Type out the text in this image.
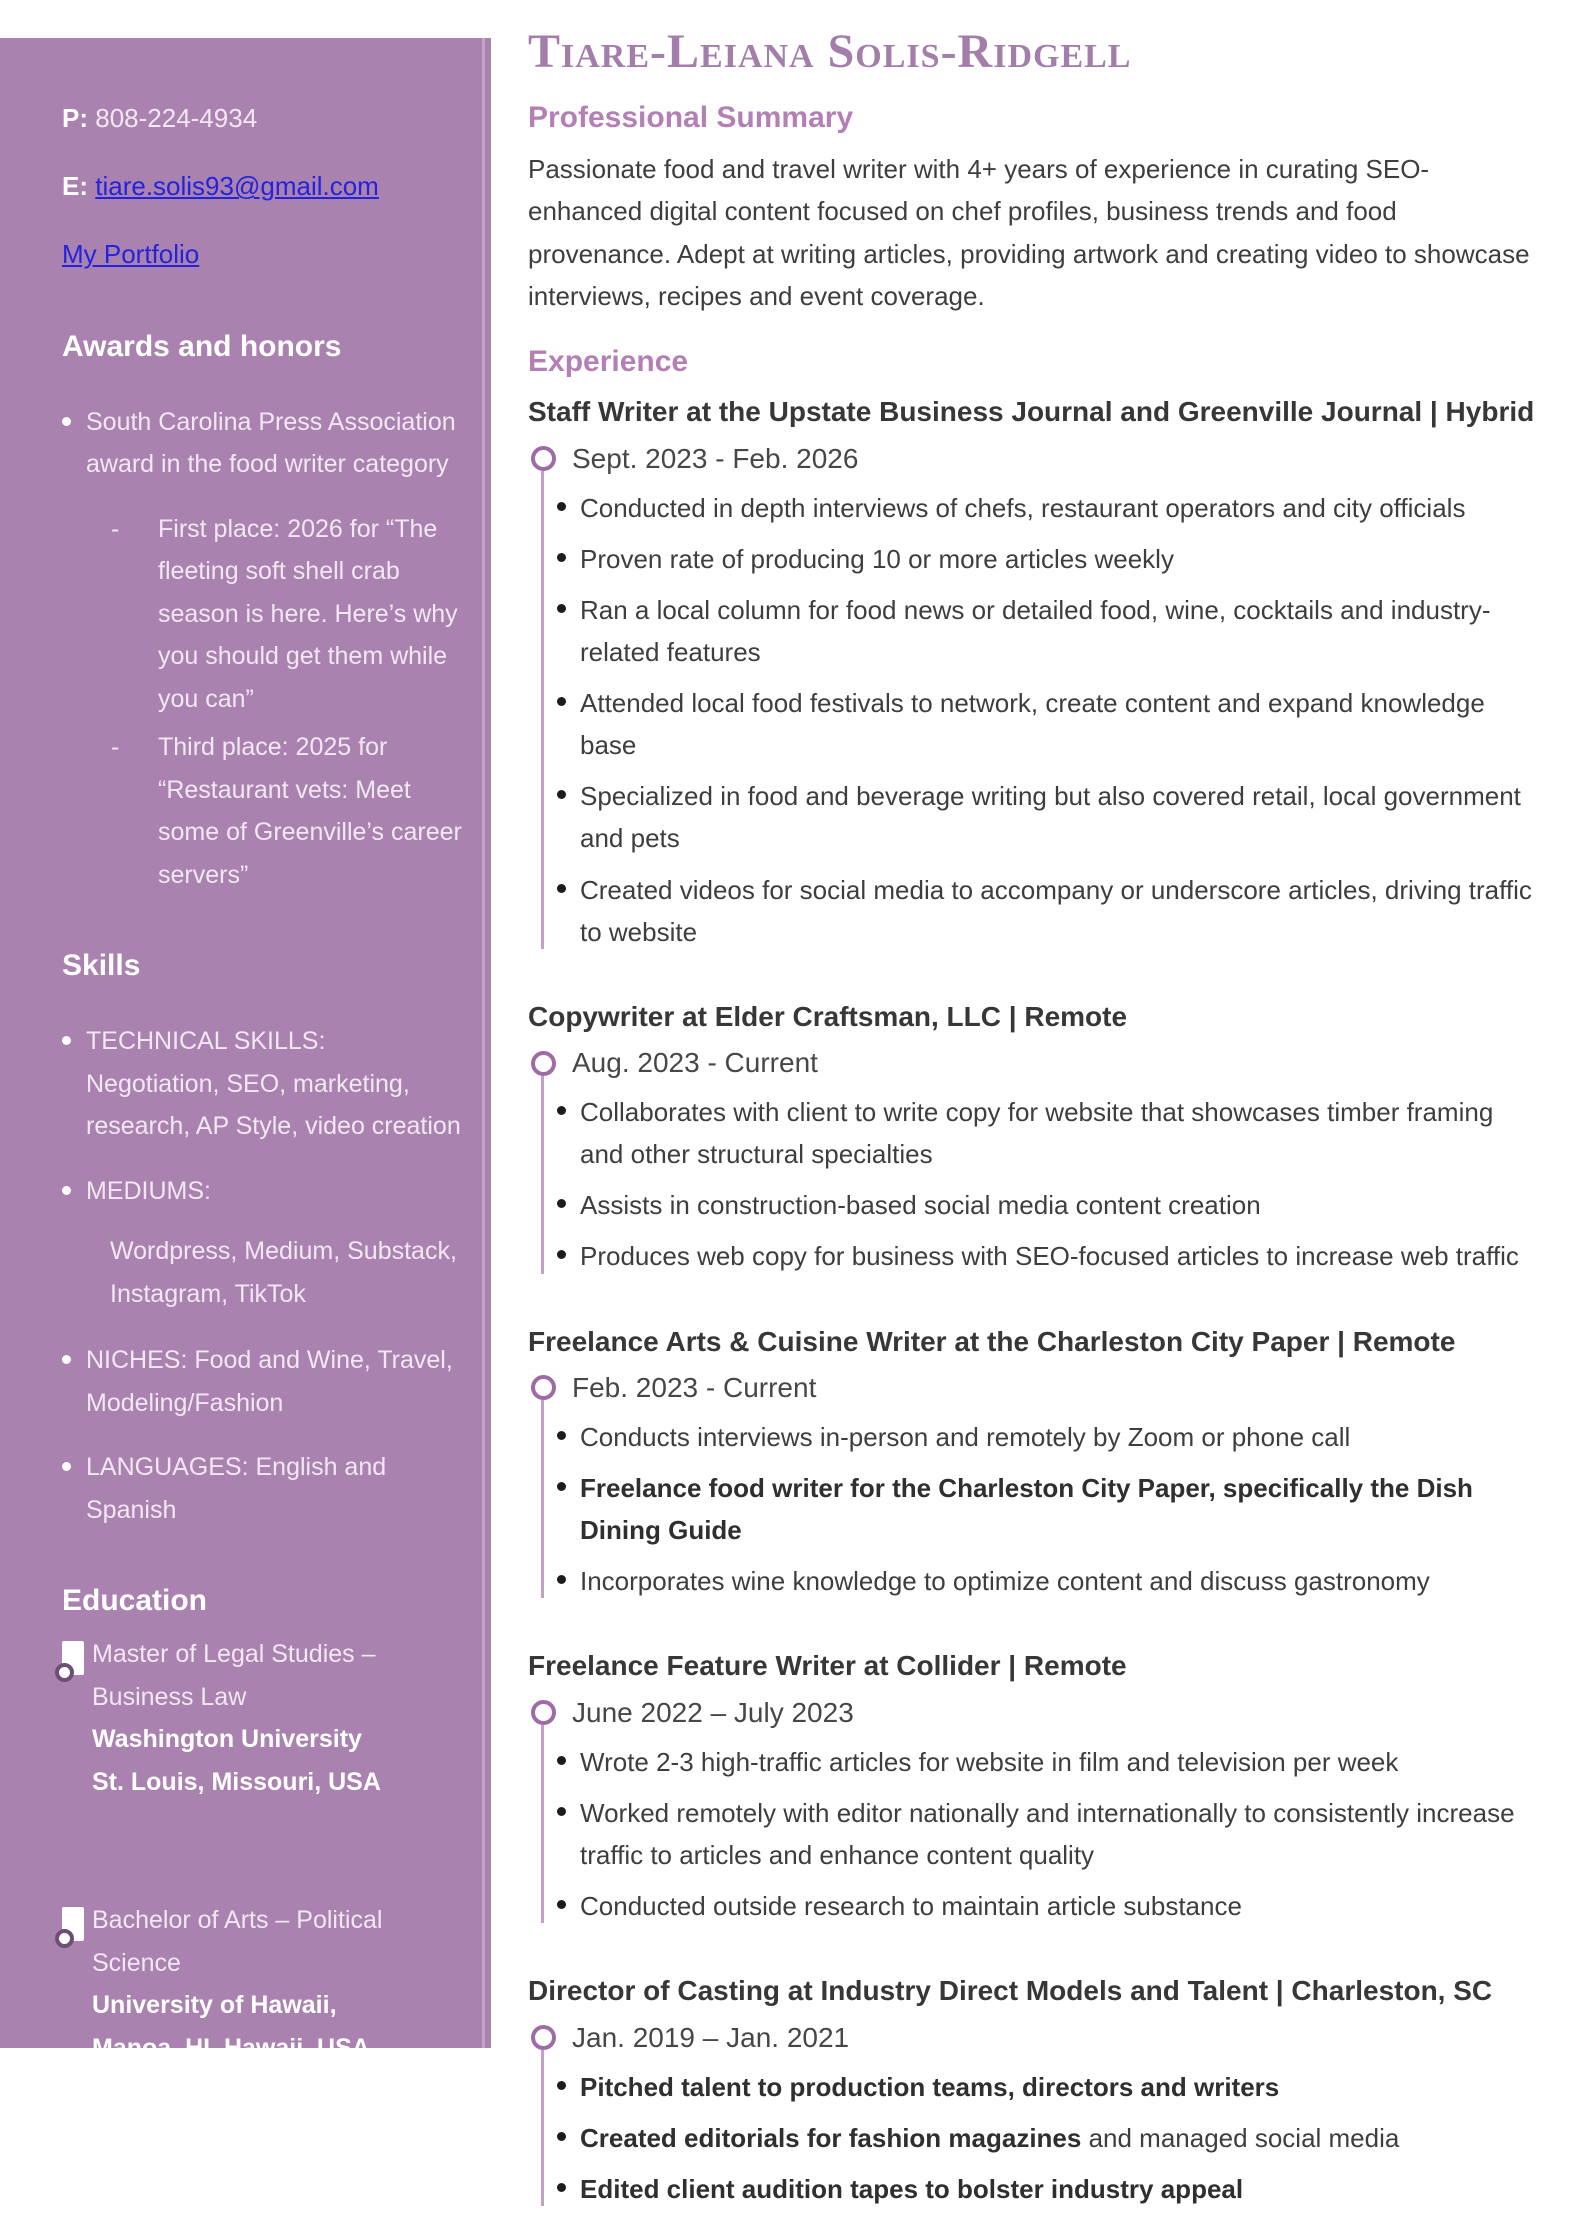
P: 808-224-4934
E: tiare.solis93@gmail.com
My Portfolio
Awards and honors
South Carolina Press Association award in the food writer category
- First place: 2026 for “The fleeting soft shell crab season is here. Here’s why you should get them while you can”
- Third place: 2025 for “Restaurant vets: Meet some of Greenville’s career servers”
Skills
TECHNICAL SKILLS: Negotiation, SEO, marketing, research, AP Style, video creation
MEDIUMS:
Wordpress, Medium, Substack, Instagram, TikTok
NICHES: Food and Wine, Travel, Modeling/Fashion
LANGUAGES: English and Spanish
Education
Master of Legal Studies – Business Law
Washington University
St. Louis, Missouri, USA
Bachelor of Arts – Political Science
University of Hawaii,
Manoa, HI, Hawaii, USA
Tiare-Leiana Solis-Ridgell
Professional Summary

Passionate food and travel writer with 4+ years of experience in curating SEO-enhanced digital content focused on chef profiles, business trends and food provenance. Adept at writing articles, providing artwork and creating video to showcase interviews, recipes and event coverage.

Experience
Staff Writer at the Upstate Business Journal and Greenville Journal | Hybrid
Sept. 2023 - Feb. 2026
Conducted in depth interviews of chefs, restaurant operators and city officials
Proven rate of producing 10 or more articles weekly
Ran a local column for food news or detailed food, wine, cocktails and industry-related features
Attended local food festivals to network, create content and expand knowledge base
Specialized in food and beverage writing but also covered retail, local government and pets
Created videos for social media to accompany or underscore articles, driving traffic to website
Copywriter at Elder Craftsman, LLC | Remote
Aug. 2023 - Current
Collaborates with client to write copy for website that showcases timber framing and other structural specialties
Assists in construction-based social media content creation
Produces web copy for business with SEO-focused articles to increase web traffic
Freelance Arts & Cuisine Writer at the Charleston City Paper | Remote
Feb. 2023 - Current
Conducts interviews in-person and remotely by Zoom or phone call
Freelance food writer for the Charleston City Paper, specifically the Dish Dining Guide
Incorporates wine knowledge to optimize content and discuss gastronomy
Freelance Feature Writer at Collider | Remote
June 2022 – July 2023
Wrote 2-3 high-traffic articles for website in film and television per week
Worked remotely with editor nationally and internationally to consistently increase traffic to articles and enhance content quality
Conducted outside research to maintain article substance
Director of Casting at Industry Direct Models and Talent | Charleston, SC
Jan. 2019 – Jan. 2021
Pitched talent to production teams, directors and writers
Created editorials for fashion magazines and managed social media
Edited client audition tapes to bolster industry appeal
